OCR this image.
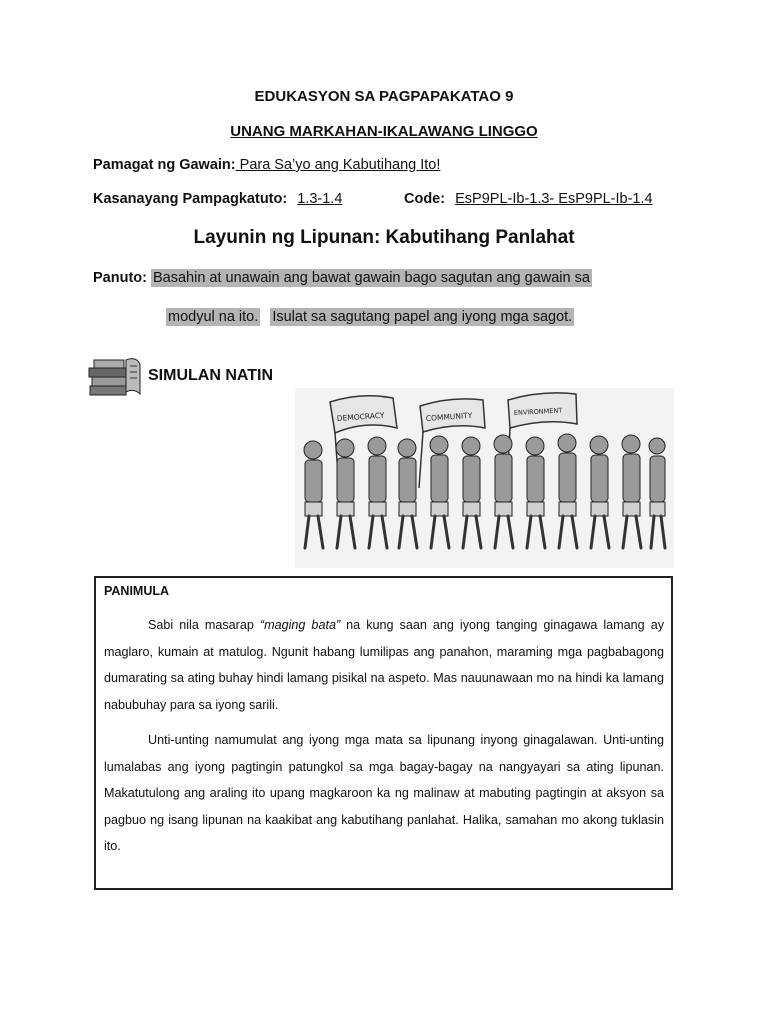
EDUKASYON SA PAGPAPAKATAO 9
UNANG MARKAHAN-IKALAWANG LINGGO
Pamagat ng Gawain: Para Sa’yo ang Kabutihang Ito!
Kasanayang Pampagkatuto: 1.3-1.4	Code: EsP9PL-Ib-1.3- EsP9PL-Ib-1.4
Layunin ng Lipunan: Kabutihang Panlahat
Panuto: Basahin at unawain ang bawat gawain bago sagutan ang gawain sa
modyul na ito. Isulat sa sagutang papel ang iyong mga sagot.
SIMULAN NATIN
DEMOCRACY	COMMUNITY	ENVIRONMENT
PANIMULA
Sabi nila masarap “maging bata” na kung saan ang iyong tanging ginagawa lamang ay maglaro, kumain at matulog. Ngunit habang lumilipas ang panahon, maraming mga pagbabagong dumarating sa ating buhay hindi lamang pisikal na aspeto. Mas nauunawaan mo na hindi ka lamang nabubuhay para sa iyong sarili.
Unti-unting namumulat ang iyong mga mata sa lipunang inyong ginagalawan. Unti-unting lumalabas ang iyong pagtingin patungkol sa mga bagay-bagay na nangyayari sa ating lipunan. Makatutulong ang araling ito upang magkaroon ka ng malinaw at mabuting pagtingin at aksyon sa pagbuo ng isang lipunan na kaakibat ang kabutihang panlahat. Halika, samahan mo akong tuklasin ito.
